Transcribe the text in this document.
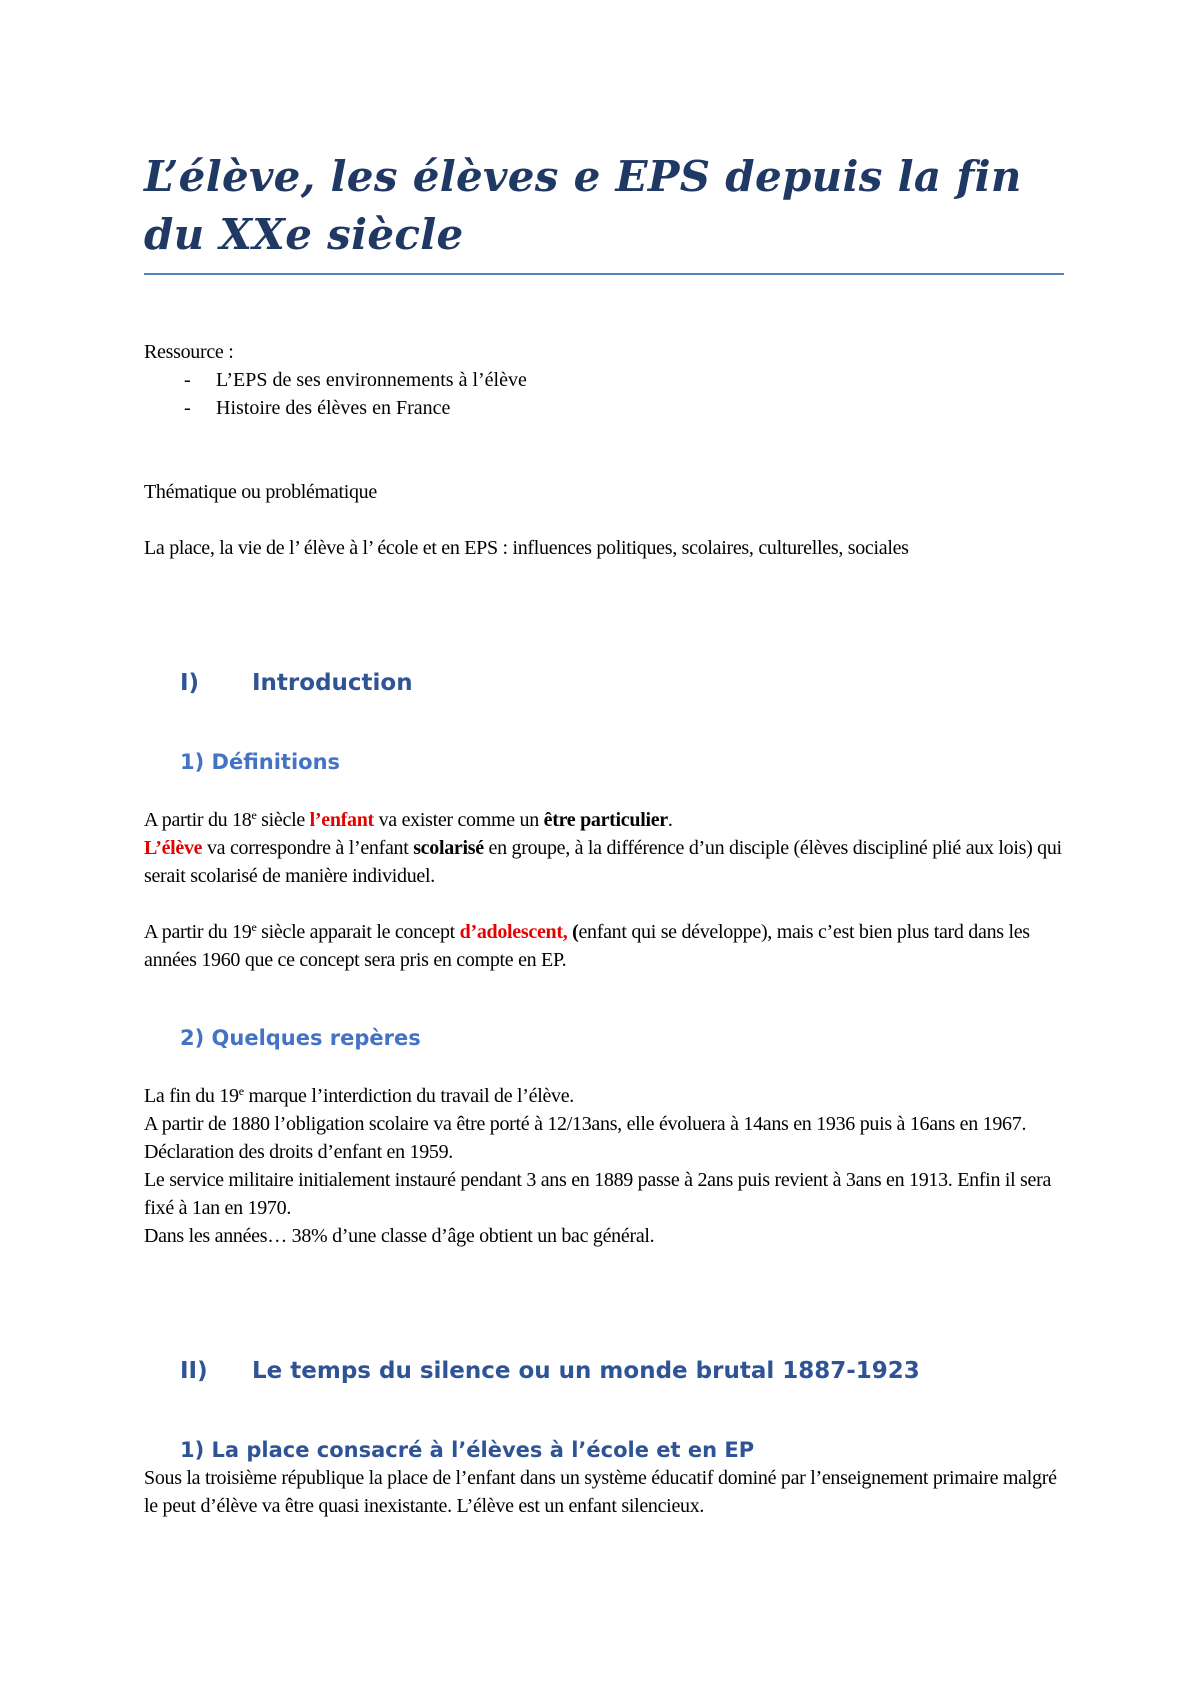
L’élève, les élèves e EPS depuis la fin du XXe siècle

Ressource :

- L’EPS de ses environnements à l’élève
- Histoire des élèves en France

Thématique ou problématique

La place, la vie de l’ élève à l’ école et en EPS : influences politiques, scolaires, culturelles, sociales

I) Introduction
1) Définitions

A partir du 18e siècle l’enfant va exister comme un être particulier.
L’élève va correspondre à l’enfant scolarisé en groupe, à la différence d’un disciple (élèves discipliné plié aux lois) qui serait scolarisé de manière individuel.

A partir du 19e siècle apparait le concept d’adolescent, (enfant qui se développe), mais c’est bien plus tard dans les années 1960 que ce concept sera pris en compte en EP.

2) Quelques repères

La fin du 19e marque l’interdiction du travail de l’élève.
A partir de 1880 l’obligation scolaire va être porté à 12/13ans, elle évoluera à 14ans en 1936 puis à 16ans en 1967.
Déclaration des droits d’enfant en 1959.
Le service militaire initialement instauré pendant 3 ans en 1889 passe à 2ans puis revient à 3ans en 1913. Enfin il sera fixé à 1an en 1970.
Dans les années… 38% d’une classe d’âge obtient un bac général.

II) Le temps du silence ou un monde brutal 1887-1923
1) La place consacré à l’élèves à l’école et en EP

Sous la troisième république la place de l’enfant dans un système éducatif dominé par l’enseignement primaire malgré le peut d’élève va être quasi inexistante. L’élève est un enfant silencieux.
